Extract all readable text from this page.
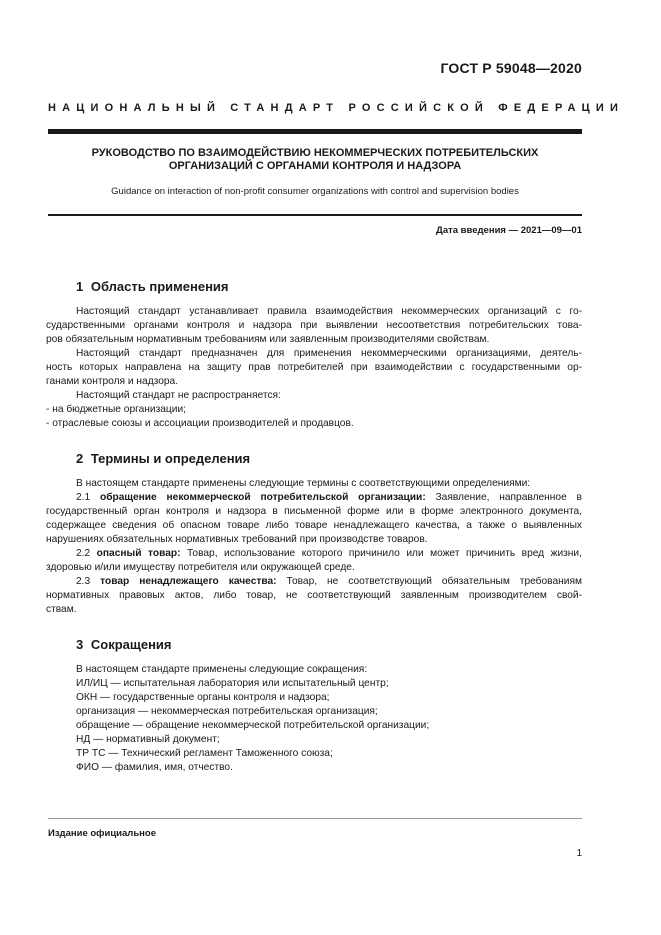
ГОСТ Р 59048—2020
НАЦИОНАЛЬНЫЙ СТАНДАРТ РОССИЙСКОЙ ФЕДЕРАЦИИ
РУКОВОДСТВО ПО ВЗАИМОДЕЙСТВИЮ НЕКОММЕРЧЕСКИХ ПОТРЕБИТЕЛЬСКИХ
ОРГАНИЗАЦИЙ С ОРГАНАМИ КОНТРОЛЯ И НАДЗОРА
Guidance on interaction of non-profit consumer organizations with control and supervision bodies
Дата введения — 2021—09—01
1 Область применения
Настоящий стандарт устанавливает правила взаимодействия некоммерческих организаций с го-
сударственными органами контроля и надзора при выявлении несоответствия потребительских това-
ров обязательным нормативным требованиям или заявленным производителями свойствам.
Настоящий стандарт предназначен для применения некоммерческими организациями, деятель-
ность которых направлена на защиту прав потребителей при взаимодействии с государственными ор-
ганами контроля и надзора.
Настоящий стандарт не распространяется:
- на бюджетные организации;
- отраслевые союзы и ассоциации производителей и продавцов.
2 Термины и определения
В настоящем стандарте применены следующие термины с соответствующими определениями:
2.1 обращение некоммерческой потребительской организации: Заявление, направленное в
государственный орган контроля и надзора в письменной форме или в форме электронного документа,
содержащее сведения об опасном товаре либо товаре ненадлежащего качества, а также о выявленных
нарушениях обязательных нормативных требований при производстве товаров.
2.2 опасный товар: Товар, использование которого причинило или может причинить вред жизни,
здоровью и/или имуществу потребителя или окружающей среде.
2.3 товар ненадлежащего качества: Товар, не соответствующий обязательным требованиям
нормативных правовых актов, либо товар, не соответствующий заявленным производителем свой-
ствам.
3 Сокращения
В настоящем стандарте применены следующие сокращения:
ИЛ/ИЦ — испытательная лаборатория или испытательный центр;
ОКН — государственные органы контроля и надзора;
организация — некоммерческая потребительская организация;
обращение — обращение некоммерческой потребительской организации;
НД — нормативный документ;
ТР ТС — Технический регламент Таможенного союза;
ФИО — фамилия, имя, отчество.
Издание официальное
1
